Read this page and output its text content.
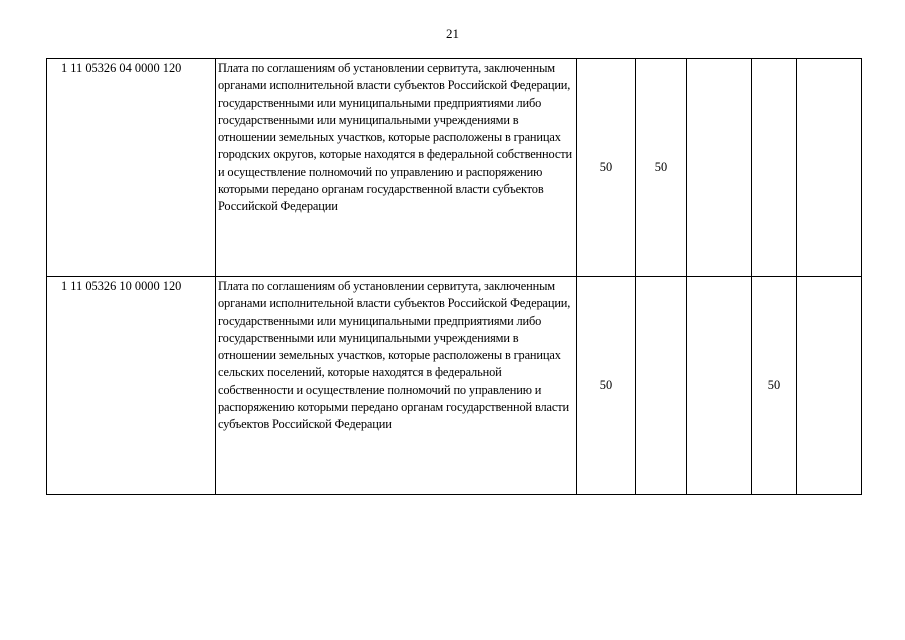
21
1 11 05326 04 0000 120	Плата по соглашениям об установлении сервитута, заключенным органами исполнительной власти субъектов Российской Федерации, государственными или муниципальными предприятиями либо государственными или муниципальными учреждениями в отношении земельных участков, которые расположены в границах городских округов, которые находятся в федеральной собственности и осуществление полномочий по управлению и распоряжению которыми передано органам государственной власти субъектов Российской Федерации	50	50			
1 11 05326 10 0000 120	Плата по соглашениям об установлении сервитута, заключенным органами исполнительной власти субъектов Российской Федерации, государственными или муниципальными предприятиями либо государственными или муниципальными учреждениями в отношении земельных участков, которые расположены в границах сельских поселений, которые находятся в федеральной собственности и осуществление полномочий по управлению и распоряжению которыми передано органам государственной власти субъектов Российской Федерации	50			50	
